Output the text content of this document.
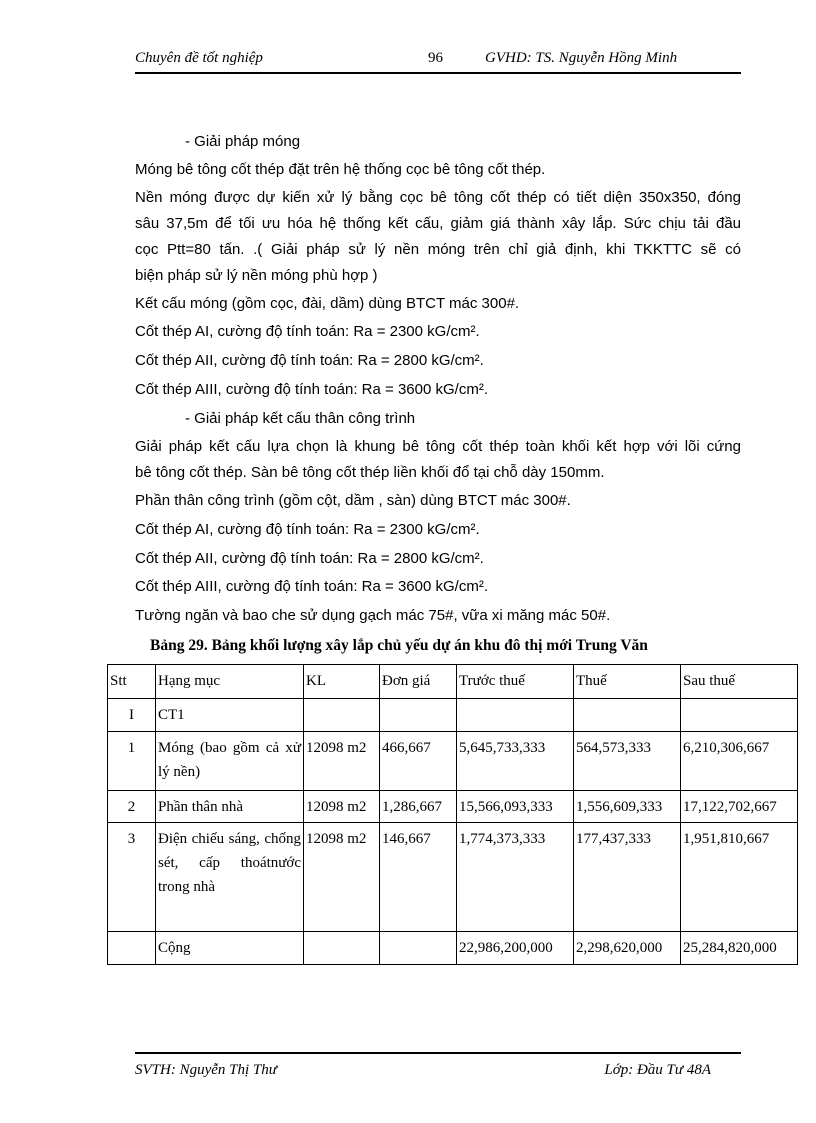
Chuyên đề tốt nghiệp	96	GVHD: TS. Nguyễn Hồng Minh
- Giải pháp móng
Móng bê tông cốt thép đặt trên hệ thống cọc bê tông cốt thép.
Nền móng được dự kiến xử lý bằng cọc bê tông cốt thép có tiết diện 350x350, đóng
sâu 37,5m để tối ưu hóa hệ thống kết cấu, giảm giá thành xây lắp. Sức chịu tải đầu
cọc Ptt=80 tấn. .( Giải pháp sử lý nền móng trên chỉ giả định, khi TKKTTC sẽ có
biện pháp sử lý nền móng phù hợp )
Kết cấu móng (gồm cọc, đài, dầm) dùng BTCT mác 300#.
Cốt thép AI, cường độ tính toán: Ra = 2300 kG/cm².
Cốt thép AII, cường độ tính toán: Ra = 2800 kG/cm².
Cốt thép AIII, cường độ tính toán: Ra = 3600 kG/cm².
- Giải pháp kết cấu thân công trình
Giải pháp kết cấu lựa chọn là khung bê tông cốt thép toàn khối kết hợp với lõi cứng
bê tông cốt thép. Sàn bê tông cốt thép liền khối đổ tại chỗ dày 150mm.
Phần thân công trình (gồm cột, dầm , sàn) dùng BTCT mác 300#.
Cốt thép AI, cường độ tính toán: Ra = 2300 kG/cm².
Cốt thép AII, cường độ tính toán: Ra = 2800 kG/cm².
Cốt thép AIII, cường độ tính toán: Ra = 3600 kG/cm².
Tường ngăn và bao che sử dụng gạch mác 75#, vữa xi măng mác 50#.
Bảng 29. Bảng khối lượng xây lắp chủ yếu dự án khu đô thị mới Trung Văn
Stt	Hạng mục	KL	Đơn giá	Trước thuế	Thuế	Sau thuế
I	CT1					
1	Móng (bao gồm cả xử lý nền)	12098 m2	466,667	5,645,733,333	564,573,333	6,210,306,667
2	Phần thân nhà	12098 m2	1,286,667	15,566,093,333	1,556,609,333	17,122,702,667
3	Điện chiếu sáng, chống sét, cấp thoátnước trong nhà	12098 m2	146,667	1,774,373,333	177,437,333	1,951,810,667
	Cộng			22,986,200,000	2,298,620,000	25,284,820,000
SVTH: Nguyễn Thị Thư	Lớp: Đầu Tư 48A
